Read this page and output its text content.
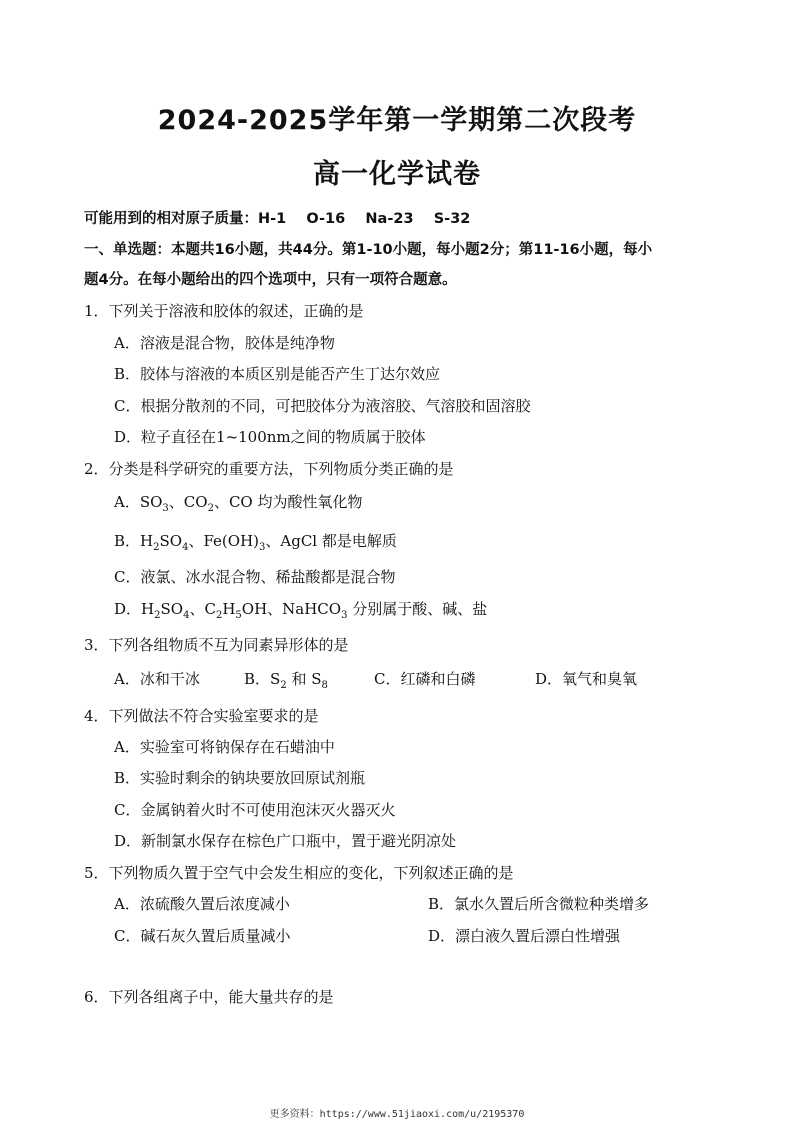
2024-2025学年第一学期第二次段考
高一化学试卷
可能用到的相对原子质量：H-1    O-16    Na-23    S-32
一、单选题：本题共16小题，共44分。第1-10小题，每小题2分；第11-16小题，每小
题4分。在每小题给出的四个选项中，只有一项符合题意。
1．下列关于溶液和胶体的叙述，正确的是
A．溶液是混合物，胶体是纯净物
B．胶体与溶液的本质区别是能否产生丁达尔效应
C．根据分散剂的不同，可把胶体分为液溶胶、气溶胶和固溶胶
D．粒子直径在1~100nm之间的物质属于胶体
2．分类是科学研究的重要方法，下列物质分类正确的是
A．$SO_3$、$CO_2$、CO 均为酸性氧化物
B．$H_2SO_4$、$Fe(OH)_3$、AgCl 都是电解质
C．液氯、冰水混合物、稀盐酸都是混合物
D．$H_2SO_4$、$C_2H_5OH$、NaHCO$_3$ 分别属于酸、碱、盐
3．下列各组物质不互为同素异形体的是
A．冰和干冰	B．$S_2$ 和 $S_8$	C．红磷和白磷	D．氧气和臭氧
4．下列做法不符合实验室要求的是
A．实验室可将钠保存在石蜡油中
B．实验时剩余的钠块要放回原试剂瓶
C．金属钠着火时不可使用泡沫灭火器灭火
D．新制氯水保存在棕色广口瓶中，置于避光阴凉处
5．下列物质久置于空气中会发生相应的变化，下列叙述正确的是
A．浓硫酸久置后浓度减小	B．氯水久置后所含微粒种类增多
C．碱石灰久置后质量减小	D．漂白液久置后漂白性增强
6．下列各组离子中，能大量共存的是
更多资料：https://www.51jiaoxi.com/u/2195370
